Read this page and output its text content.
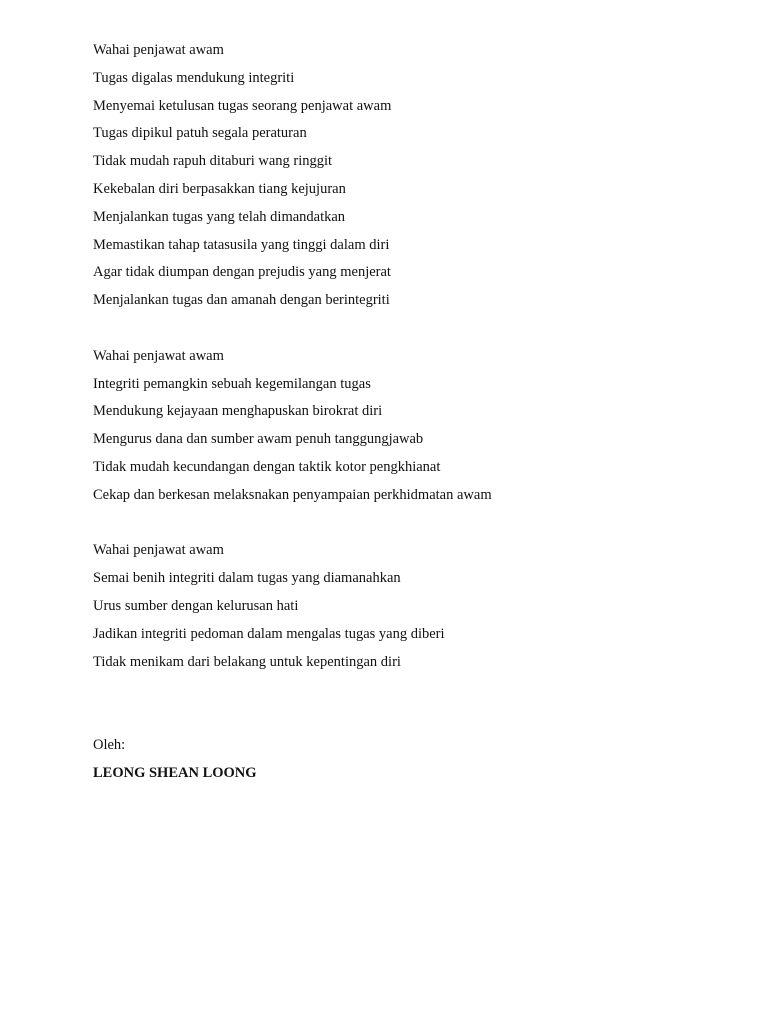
Wahai penjawat awam
Tugas digalas mendukung integriti
Menyemai ketulusan tugas seorang penjawat awam
Tugas dipikul patuh segala peraturan
Tidak mudah rapuh ditaburi wang ringgit
Kekebalan diri berpasakkan tiang kejujuran
Menjalankan tugas yang telah dimandatkan
Memastikan tahap tatasusila yang tinggi dalam diri
Agar tidak diumpan dengan prejudis yang menjerat
Menjalankan tugas dan amanah dengan berintegriti
Wahai penjawat awam
Integriti pemangkin sebuah kegemilangan tugas
Mendukung kejayaan menghapuskan birokrat diri
Mengurus dana dan sumber awam penuh tanggungjawab
Tidak mudah kecundangan dengan taktik kotor pengkhianat
Cekap dan berkesan melaksnakan penyampaian perkhidmatan awam
Wahai penjawat awam
Semai benih integriti dalam tugas yang diamanahkan
Urus sumber dengan kelurusan hati
Jadikan integriti pedoman dalam mengalas tugas yang diberi
Tidak menikam dari belakang untuk kepentingan diri
Oleh:
LEONG SHEAN LOONG
